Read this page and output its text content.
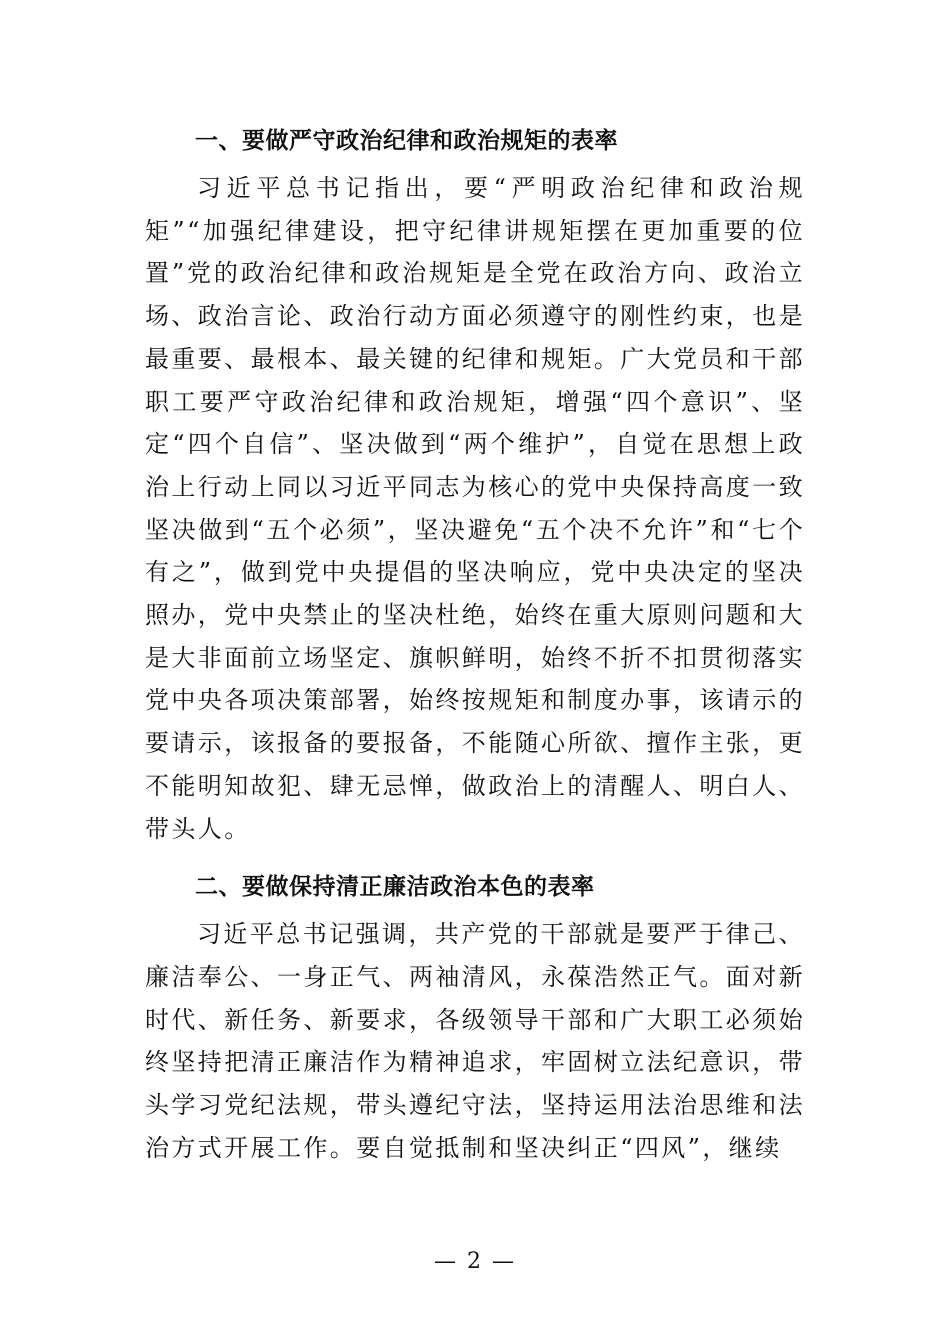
一、要做严守政治纪律和政治规矩的表率

习近平总书记指出，要“严明政治纪律和政治规矩”“加强纪律建设，把守纪律讲规矩摆在更加重要的位置”党的政治纪律和政治规矩是全党在政治方向、政治立场、政治言论、政治行动方面必须遵守的刚性约束，也是最重要、最根本、最关键的纪律和规矩。广大党员和干部职工要严守政治纪律和政治规矩，增强“四个意识”、坚定“四个自信”、坚决做到“两个维护”，自觉在思想上政治上行动上同以习近平同志为核心的党中央保持高度一致坚决做到“五个必须”，坚决避免“五个决不允许”和“七个有之”，做到党中央提倡的坚决响应，党中央决定的坚决照办，党中央禁止的坚决杜绝，始终在重大原则问题和大是大非面前立场坚定、旗帜鲜明，始终不折不扣贯彻落实党中央各项决策部署，始终按规矩和制度办事，该请示的要请示，该报备的要报备，不能随心所欲、擅作主张，更不能明知故犯、肆无忌惮，做政治上的清醒人、明白人、带头人。

二、要做保持清正廉洁政治本色的表率

习近平总书记强调，共产党的干部就是要严于律己、廉洁奉公、一身正气、两袖清风，永葆浩然正气。面对新时代、新任务、新要求，各级领导干部和广大职工必须始终坚持把清正廉洁作为精神追求，牢固树立法纪意识，带头学习党纪法规，带头遵纪守法，坚持运用法治思维和法治方式开展工作。要自觉抵制和坚决纠正“四风”，继续

— 2 —
